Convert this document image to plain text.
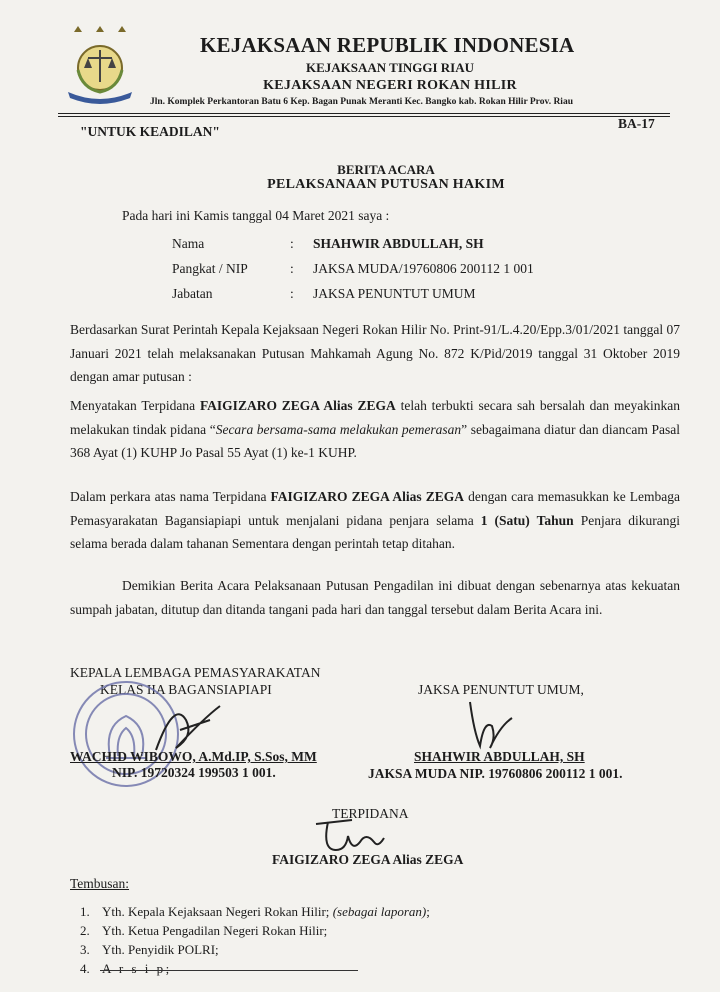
KEJAKSAAN REPUBLIK INDONESIA
KEJAKSAAN TINGGI RIAU
KEJAKSAAN NEGERI ROKAN HILIR
Jln. Komplek Perkantoran Batu 6 Kep. Bagan Punak Meranti Kec. Bangko kab. Rokan Hilir Prov. Riau
"UNTUK KEADILAN"
BA-17
BERITA ACARA
PELAKSANAAN PUTUSAN HAKIM
Pada hari ini Kamis tanggal 04 Maret 2021 saya :
Nama	: SHAHWIR ABDULLAH, SH
Pangkat / NIP	: JAKSA MUDA/19760806 200112 1 001
Jabatan	: JAKSA PENUNTUT UMUM
Berdasarkan Surat Perintah Kepala Kejaksaan Negeri Rokan Hilir No. Print-91/L.4.20/Epp.3/01/2021 tanggal 07 Januari 2021 telah melaksanakan Putusan Mahkamah Agung No. 872 K/Pid/2019 tanggal 31 Oktober 2019 dengan amar putusan :
Menyatakan Terpidana FAIGIZARO ZEGA Alias ZEGA telah terbukti secara sah bersalah dan meyakinkan melakukan tindak pidana “Secara bersama-sama melakukan pemerasan” sebagaimana diatur dan diancam Pasal 368 Ayat (1) KUHP Jo Pasal 55 Ayat (1) ke-1 KUHP.
Dalam perkara atas nama Terpidana FAIGIZARO ZEGA Alias ZEGA dengan cara memasukkan ke Lembaga Pemasyarakatan Bagansiapiapi untuk menjalani pidana penjara selama 1 (Satu) Tahun Penjara dikurangi selama berada dalam tahanan Sementara dengan perintah tetap ditahan.
Demikian Berita Acara Pelaksanaan Putusan Pengadilan ini dibuat dengan sebenarnya atas kekuatan sumpah jabatan, ditutup dan ditanda tangani pada hari dan tanggal tersebut dalam Berita Acara ini.
KEPALA LEMBAGA PEMASYARAKATAN
KELAS IIA BAGANSIAPIAPI
WACHID WIBOWO, A.Md.IP, S.Sos, MM
NIP. 19720324 199503 1 001.
JAKSA PENUNTUT UMUM,
SHAHWIR ABDULLAH, SH
JAKSA MUDA NIP. 19760806 200112 1 001.
TERPIDANA
FAIGIZARO ZEGA Alias ZEGA
Tembusan:
1. Yth. Kepala Kejaksaan Negeri Rokan Hilir; (sebagai laporan);
2. Yth. Ketua Pengadilan Negeri Rokan Hilir;
3. Yth. Penyidik POLRI;
4. A r s i p;
